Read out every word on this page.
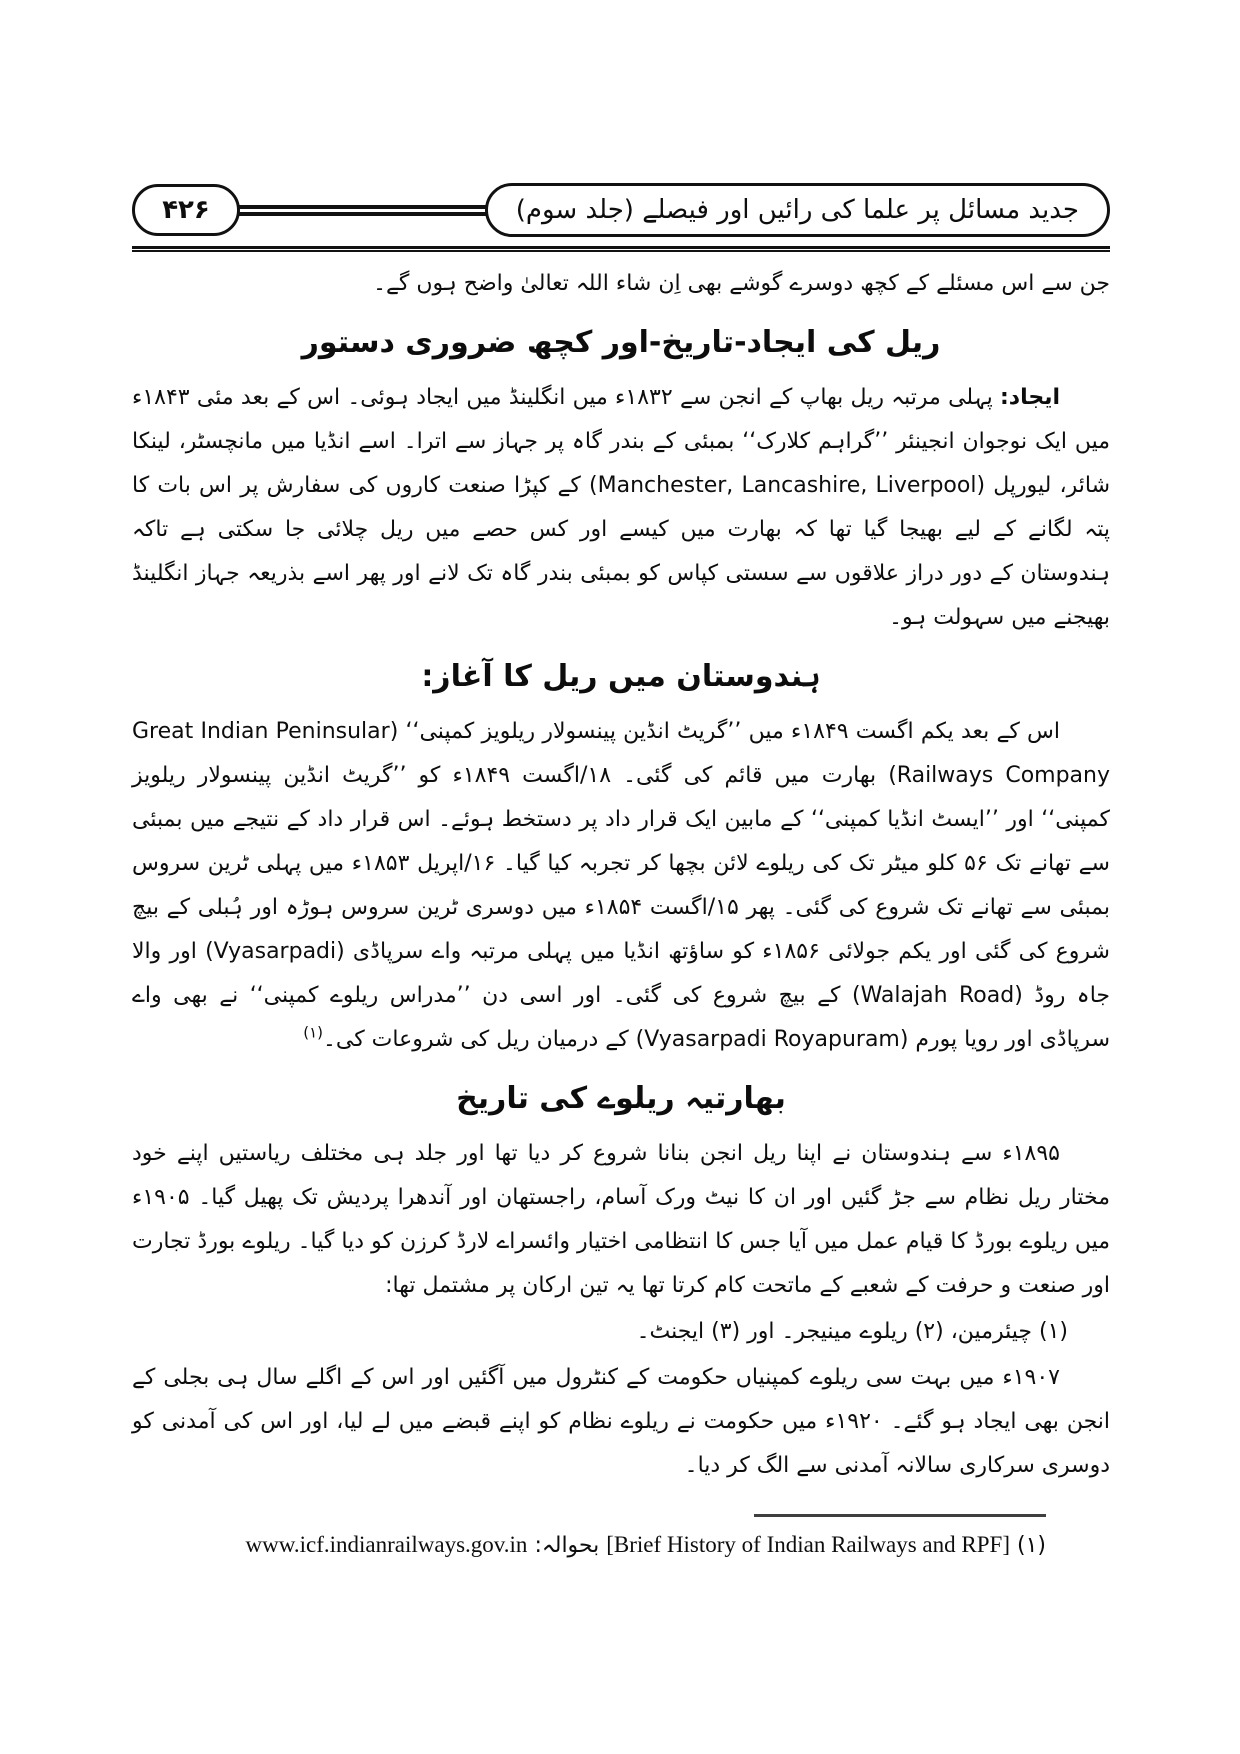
۴۲۶	جدید مسائل پر علما کی رائیں اور فیصلے (جلد سوم)

جن سے اس مسئلے کے کچھ دوسرے گوشے بھی اِن شاء اللہ تعالیٰ واضح ہوں گے۔

ریل کی ایجاد-تاریخ-اور کچھ ضروری دستور

ایجاد: پہلی مرتبہ ریل بھاپ کے انجن سے ۱۸۳۲ء میں انگلینڈ میں ایجاد ہوئی۔ اس کے بعد مئی ۱۸۴۳ء میں ایک نوجوان انجینئر ’’گراہم کلارک‘‘ بمبئی کے بندر گاہ پر جہاز سے اترا۔ اسے انڈیا میں مانچسٹر، لینکا شائر، لیورپل (Manchester, Lancashire, Liverpool) کے کپڑا صنعت کاروں کی سفارش پر اس بات کا پتہ لگانے کے لیے بھیجا گیا تھا کہ بھارت میں کیسے اور کس حصے میں ریل چلائی جا سکتی ہے تاکہ ہندوستان کے دور دراز علاقوں سے سستی کپاس کو بمبئی بندر گاہ تک لانے اور پھر اسے بذریعہ جہاز انگلینڈ بھیجنے میں سہولت ہو۔

ہندوستان میں ریل کا آغاز:

اس کے بعد یکم اگست ۱۸۴۹ء میں ’’گریٹ انڈین پینسولار ریلویز کمپنی‘‘ (Great Indian Peninsular Railways Company) بھارت میں قائم کی گئی۔ ۱۸/اگست ۱۸۴۹ء کو ’’گریٹ انڈین پینسولار ریلویز کمپنی‘‘ اور ’’ایسٹ انڈیا کمپنی‘‘ کے مابین ایک قرار داد پر دستخط ہوئے۔ اس قرار داد کے نتیجے میں بمبئی سے تھانے تک ۵۶ کلو میٹر تک کی ریلوے لائن بچھا کر تجربہ کیا گیا۔ ۱۶/اپریل ۱۸۵۳ء میں پہلی ٹرین سروس بمبئی سے تھانے تک شروع کی گئی۔ پھر ۱۵/اگست ۱۸۵۴ء میں دوسری ٹرین سروس ہوڑہ اور ہُبلی کے بیچ شروع کی گئی اور یکم جولائی ۱۸۵۶ء کو ساؤتھ انڈیا میں پہلی مرتبہ واے سرپاڈی (Vyasarpadi) اور والا جاہ روڈ (Walajah Road) کے بیچ شروع کی گئی۔ اور اسی دن ’’مدراس ریلوے کمپنی‘‘ نے بھی واے سرپاڈی اور رویا پورم (Vyasarpadi Royapuram) کے درمیان ریل کی شروعات کی۔$^{(۱)}$

بھارتیہ ریلوے کی تاریخ

۱۸۹۵ء سے ہندوستان نے اپنا ریل انجن بنانا شروع کر دیا تھا اور جلد ہی مختلف ریاستیں اپنے خود مختار ریل نظام سے جڑ گئیں اور ان کا نیٹ ورک آسام، راجستھان اور آندھرا پردیش تک پھیل گیا۔ ۱۹۰۵ء میں ریلوے بورڈ کا قیام عمل میں آیا جس کا انتظامی اختیار وائسراے لارڈ کرزن کو دیا گیا۔ ریلوے بورڈ تجارت اور صنعت و حرفت کے شعبے کے ماتحت کام کرتا تھا یہ تین ارکان پر مشتمل تھا:

(۱) چیئرمین، (۲) ریلوے مینیجر۔ اور (۳) ایجنٹ۔

۱۹۰۷ء میں بہت سی ریلوے کمپنیاں حکومت کے کنٹرول میں آگئیں اور اس کے اگلے سال ہی بجلی کے انجن بھی ایجاد ہو گئے۔ ۱۹۲۰ء میں حکومت نے ریلوے نظام کو اپنے قبضے میں لے لیا، اور اس کی آمدنی کو دوسری سرکاری سالانہ آمدنی سے الگ کر دیا۔

(۱) [Brief History of Indian Railways and RPF] بحوالہ: www.icf.indianrailways.gov.in
